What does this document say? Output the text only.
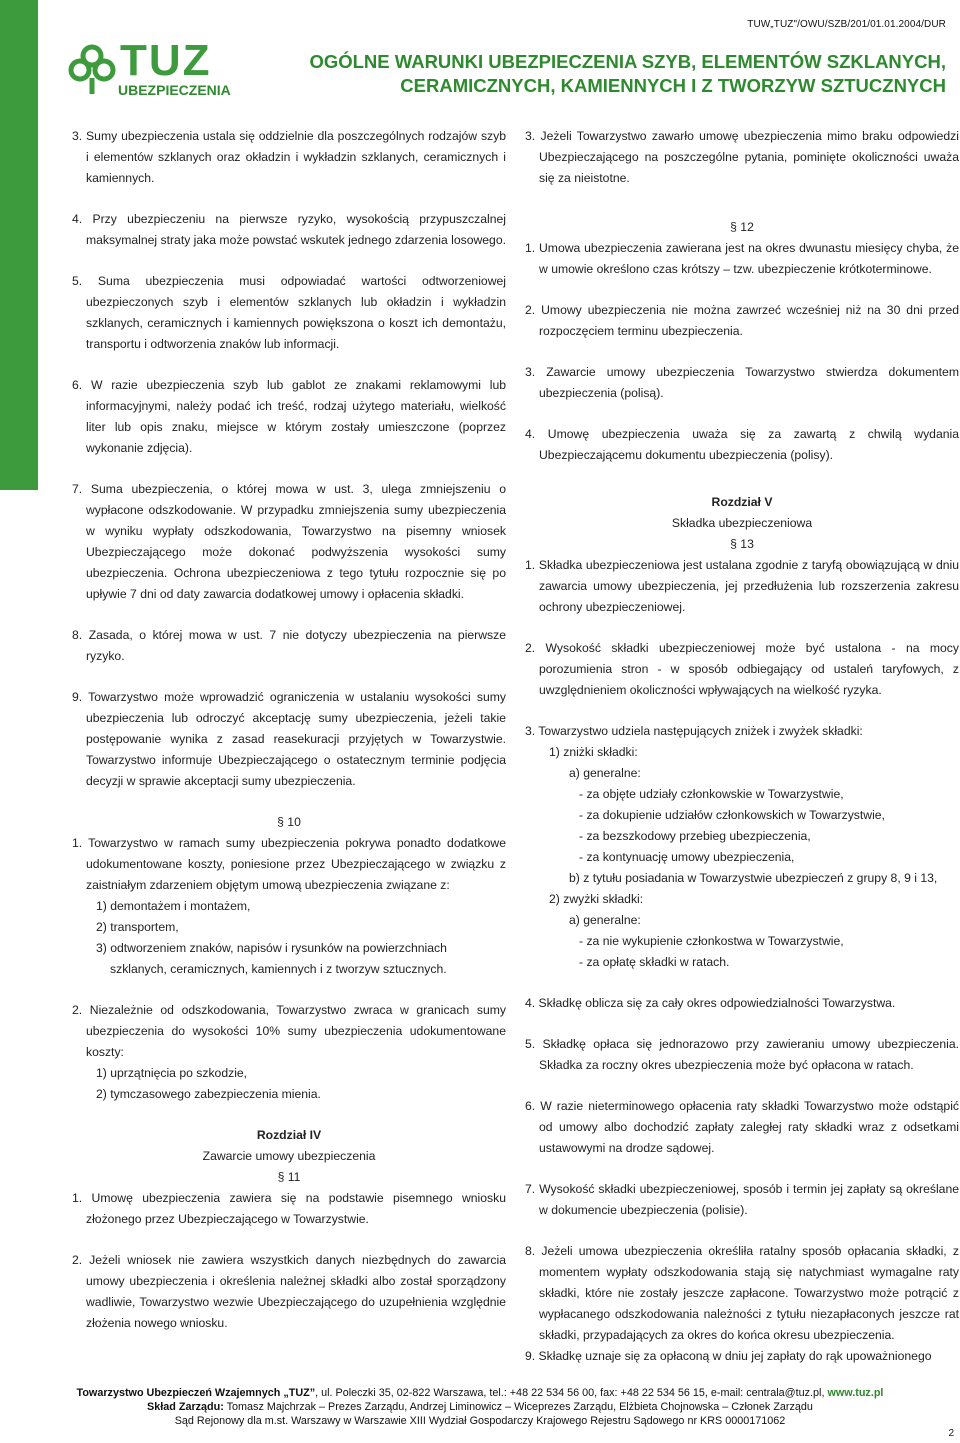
TUW„TUZ"/OWU/SZB/201/01.01.2004/DUR
TUZ
UBEZPIECZENIA
OGÓLNE WARUNKI UBEZPIECZENIA SZYB, ELEMENTÓW SZKLANYCH,
CERAMICZNYCH, KAMIENNYCH I Z TWORZYW SZTUCZNYCH

3. Sumy ubezpieczenia ustala się oddzielnie dla poszczególnych rodzajów szyb i elementów szklanych oraz okładzin i wykładzin szklanych, ceramicznych i kamiennych.

4. Przy ubezpieczeniu na pierwsze ryzyko, wysokością przypuszczalnej maksymalnej straty jaka może powstać wskutek jednego zdarzenia losowego.

5. Suma ubezpieczenia musi odpowiadać wartości odtworzeniowej ubezpieczonych szyb i elementów szklanych lub okładzin i wykładzin szklanych, ceramicznych i kamiennych powiększona o koszt ich demontażu, transportu i odtworzenia znaków lub informacji.

6. W razie ubezpieczenia szyb lub gablot ze znakami reklamowymi lub informacyjnymi, należy podać ich treść, rodzaj użytego materiału, wielkość liter lub opis znaku, miejsce w którym zostały umieszczone (poprzez wykonanie zdjęcia).

7. Suma ubezpieczenia, o której mowa w ust. 3, ulega zmniejszeniu o wypłacone odszkodowanie. W przypadku zmniejszenia sumy ubezpieczenia w wyniku wypłaty odszkodowania, Towarzystwo na pisemny wniosek Ubezpieczającego może dokonać podwyższenia wysokości sumy ubezpieczenia. Ochrona ubezpieczeniowa z tego tytułu rozpocznie się po upływie 7 dni od daty zawarcia dodatkowej umowy i opłacenia składki.

8. Zasada, o której mowa w ust. 7 nie dotyczy ubezpieczenia na pierwsze ryzyko.

9. Towarzystwo może wprowadzić ograniczenia w ustalaniu wysokości sumy ubezpieczenia lub odroczyć akceptację sumy ubezpieczenia, jeżeli takie postępowanie wynika z zasad reasekuracji przyjętych w Towarzystwie. Towarzystwo informuje Ubezpieczającego o ostatecznym terminie podjęcia decyzji w sprawie akceptacji sumy ubezpieczenia.

§ 10

1. Towarzystwo w ramach sumy ubezpieczenia pokrywa ponadto dodatkowe udokumentowane koszty, poniesione przez Ubezpieczającego w związku z zaistniałym zdarzeniem objętym umową ubezpieczenia związane z:

1) demontażem i montażem,

2) transportem,

3) odtworzeniem znaków, napisów i rysunków na powierzchniach szklanych, ceramicznych, kamiennych i z tworzyw sztucznych.

2. Niezależnie od odszkodowania, Towarzystwo zwraca w granicach sumy ubezpieczenia do wysokości 10% sumy ubezpieczenia udokumentowane koszty:

1) uprzątnięcia po szkodzie,

2) tymczasowego zabezpieczenia mienia.

Rozdział IV

Zawarcie umowy ubezpieczenia

§ 11

1. Umowę ubezpieczenia zawiera się na podstawie pisemnego wniosku złożonego przez Ubezpieczającego w Towarzystwie.

2. Jeżeli wniosek nie zawiera wszystkich danych niezbędnych do zawarcia umowy ubezpieczenia i określenia należnej składki albo został sporządzony wadliwie, Towarzystwo wezwie Ubezpieczającego do uzupełnienia względnie złożenia nowego wniosku.

3. Jeżeli Towarzystwo zawarło umowę ubezpieczenia mimo braku odpowiedzi Ubezpieczającego na poszczególne pytania, pominięte okoliczności uważa się za nieistotne.

§ 12

1. Umowa ubezpieczenia zawierana jest na okres dwunastu miesięcy chyba, że w umowie określono czas krótszy – tzw. ubezpieczenie krótkoterminowe.

2. Umowy ubezpieczenia nie można zawrzeć wcześniej niż na 30 dni przed rozpoczęciem terminu ubezpieczenia.

3. Zawarcie umowy ubezpieczenia Towarzystwo stwierdza dokumentem ubezpieczenia (polisą).

4. Umowę ubezpieczenia uważa się za zawartą z chwilą wydania Ubezpieczającemu dokumentu ubezpieczenia (polisy).

Rozdział V

Składka ubezpieczeniowa

§ 13

1. Składka ubezpieczeniowa jest ustalana zgodnie z taryfą obowiązującą w dniu zawarcia umowy ubezpieczenia, jej przedłużenia lub rozszerzenia zakresu ochrony ubezpieczeniowej.

2. Wysokość składki ubezpieczeniowej może być ustalona - na mocy porozumienia stron - w sposób odbiegający od ustaleń taryfowych, z uwzględnieniem okoliczności wpływających na wielkość ryzyka.

3. Towarzystwo udziela następujących zniżek i zwyżek składki:

1) zniżki składki:

a) generalne:

- za objęte udziały członkowskie w Towarzystwie,

- za dokupienie udziałów członkowskich w Towarzystwie,

- za bezszkodowy przebieg ubezpieczenia,

- za kontynuację umowy ubezpieczenia,

b) z tytułu posiadania w Towarzystwie ubezpieczeń z grupy 8, 9 i 13,

2) zwyżki składki:

a) generalne:

- za nie wykupienie członkostwa w Towarzystwie,

- za opłatę składki w ratach.

4. Składkę oblicza się za cały okres odpowiedzialności Towarzystwa.

5. Składkę opłaca się jednorazowo przy zawieraniu umowy ubezpieczenia. Składka za roczny okres ubezpieczenia może być opłacona w ratach.

6. W razie nieterminowego opłacenia raty składki Towarzystwo może odstąpić od umowy albo dochodzić zapłaty zaległej raty składki wraz z odsetkami ustawowymi na drodze sądowej.

7. Wysokość składki ubezpieczeniowej, sposób i termin jej zapłaty są określane w dokumencie ubezpieczenia (polisie).

8. Jeżeli umowa ubezpieczenia określiła ratalny sposób opłacania składki, z momentem wypłaty odszkodowania stają się natychmiast wymagalne raty składki, które nie zostały jeszcze zapłacone. Towarzystwo może potrącić z wypłacanego odszkodowania należności z tytułu niezapłaconych jeszcze rat składki, przypadających za okres do końca okresu ubezpieczenia.

9. Składkę uznaje się za opłaconą w dniu jej zapłaty do rąk upoważnionego

Towarzystwo Ubezpieczeń Wzajemnych „TUZ”, ul. Poleczki 35, 02-822 Warszawa, tel.: +48 22 534 56 00, fax: +48 22 534 56 15, e-mail: centrala@tuz.pl, www.tuz.pl
Skład Zarządu: Tomasz Majchrzak – Prezes Zarządu, Andrzej Liminowicz – Wiceprezes Zarządu, Elżbieta Chojnowska – Członek Zarządu
Sąd Rejonowy dla m.st. Warszawy w Warszawie XIII Wydział Gospodarczy Krajowego Rejestru Sądowego nr KRS 0000171062
2
